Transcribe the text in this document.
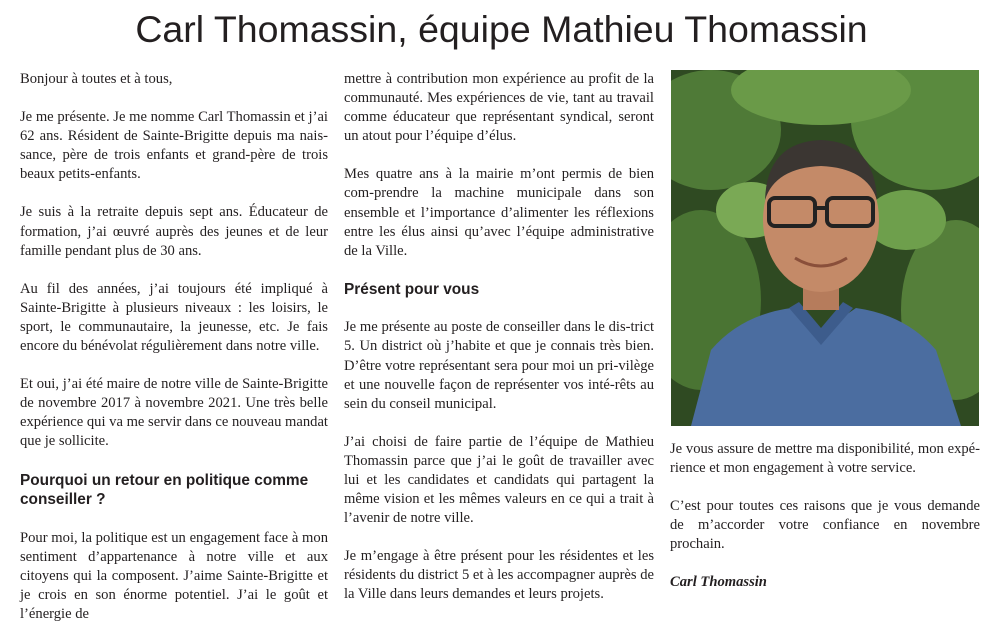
Carl Thomassin, équipe Mathieu Thomassin

Bonjour à toutes et à tous,

Je me présente. Je me nomme Carl Thomassin et j’ai 62 ans. Résident de Sainte-Brigitte depuis ma nais-sance, père de trois enfants et grand-père de trois beaux petits-enfants.

Je suis à la retraite depuis sept ans. Éducateur de formation, j’ai œuvré auprès des jeunes et de leur famille pendant plus de 30 ans.

Au fil des années, j’ai toujours été impliqué à Sainte-Brigitte à plusieurs niveaux : les loisirs, le sport, le communautaire, la jeunesse, etc. Je fais encore du bénévolat régulièrement dans notre ville.

Et oui, j’ai été maire de notre ville de Sainte-Brigitte de novembre 2017 à novembre 2021. Une très belle expérience qui va me servir dans ce nouveau mandat que je sollicite.

Pourquoi un retour en politique comme conseiller ?

Pour moi, la politique est un engagement face à mon sentiment d’appartenance à notre ville et aux citoyens qui la composent. J’aime Sainte-Brigitte et je crois en son énorme potentiel. J’ai le goût et l’énergie de

mettre à contribution mon expérience au profit de la communauté. Mes expériences de vie, tant au travail comme éducateur que représentant syndical, seront un atout pour l’équipe d’élus.

Mes quatre ans à la mairie m’ont permis de bien com-prendre la machine municipale dans son ensemble et l’importance d’alimenter les réflexions entre les élus ainsi qu’avec l’équipe administrative de la Ville.

Présent pour vous

Je me présente au poste de conseiller dans le dis-trict 5. Un district où j’habite et que je connais très bien. D’être votre représentant sera pour moi un pri-vilège et une nouvelle façon de représenter vos inté-rêts au sein du conseil municipal.

J’ai choisi de faire partie de l’équipe de Mathieu Thomassin parce que j’ai le goût de travailler avec lui et les candidates et candidats qui partagent la même vision et les mêmes valeurs en ce qui a trait à l’avenir de notre ville.

Je m’engage à être présent pour les résidentes et les résidents du district 5 et à les accompagner auprès de la Ville dans leurs demandes et leurs projets.

Je vous assure de mettre ma disponibilité, mon expé-rience et mon engagement à votre service.

C’est pour toutes ces raisons que je vous demande de m’accorder votre confiance en novembre prochain.

Carl Thomassin
